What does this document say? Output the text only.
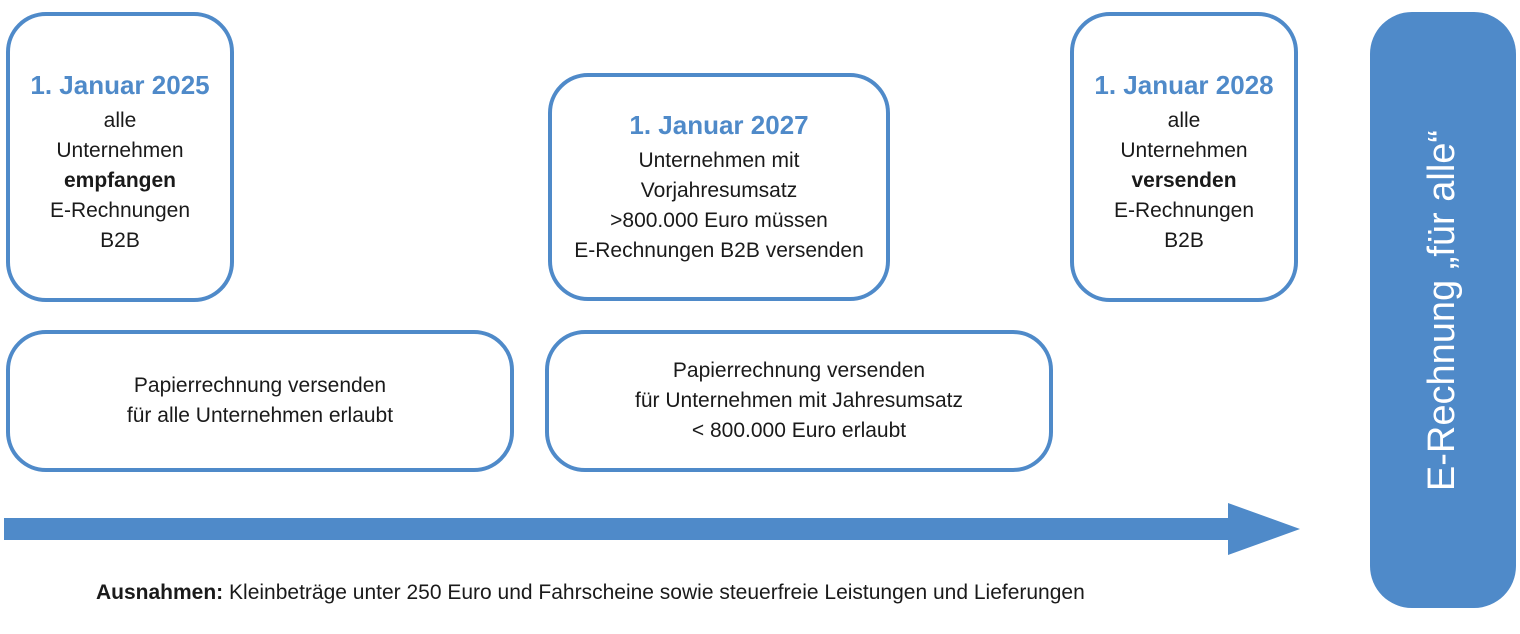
1. Januar 2025
alle
Unternehmen
empfangen
E-Rechnungen
B2B
1. Januar 2027
Unternehmen mit
Vorjahresumsatz
>800.000 Euro müssen
E-Rechnungen B2B versenden
1. Januar 2028
alle
Unternehmen
versenden
E-Rechnungen
B2B
Papierrechnung versenden
für alle Unternehmen erlaubt
Papierrechnung versenden
für Unternehmen mit Jahresumsatz
< 800.000 Euro erlaubt
Ausnahmen: Kleinbeträge unter 250 Euro und Fahrscheine sowie steuerfreie Leistungen und Lieferungen
E-Rechnung „für alle“
